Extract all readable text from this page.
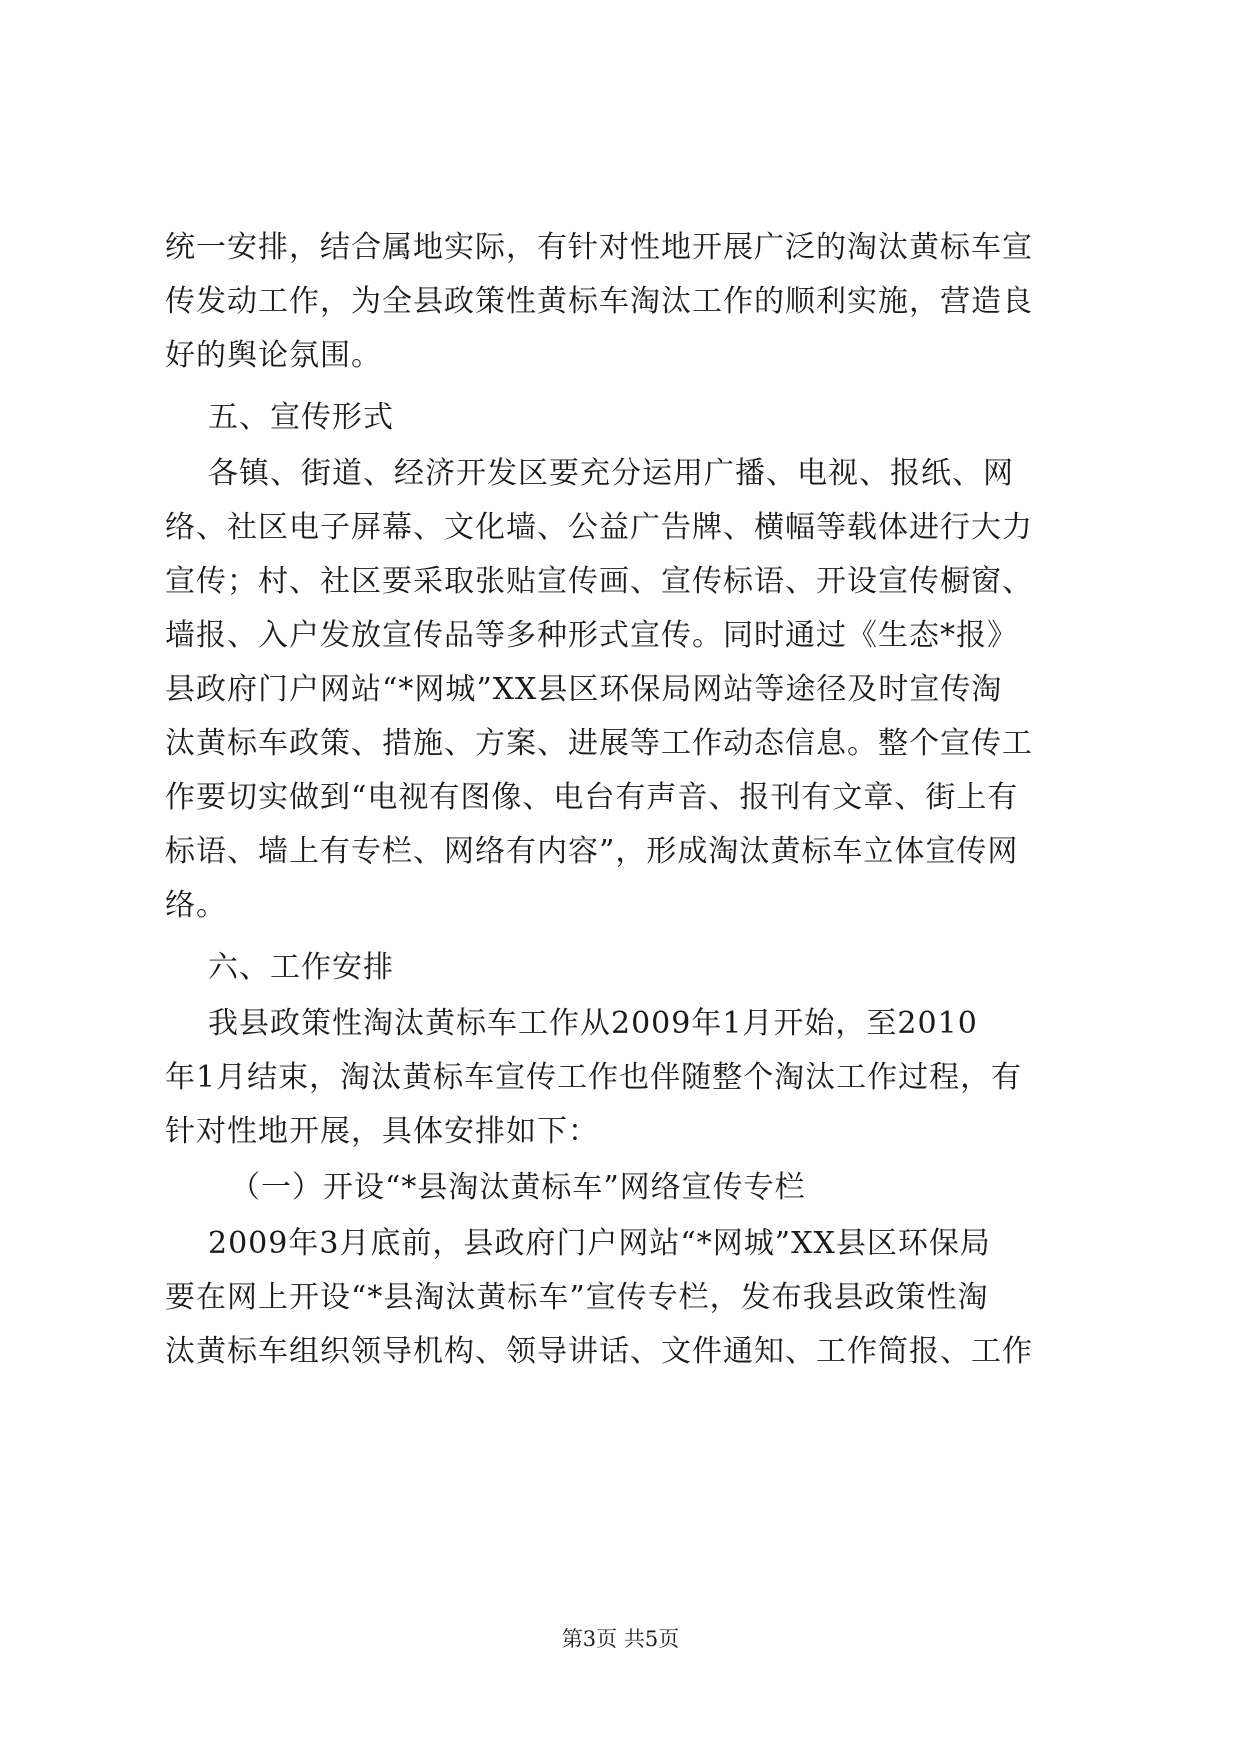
统一安排，结合属地实际，有针对性地开展广泛的淘汰黄标车宣
传发动工作，为全县政策性黄标车淘汰工作的顺利实施，营造良
好的舆论氛围。
五、宣传形式
各镇、街道、经济开发区要充分运用广播、电视、报纸、网
络、社区电子屏幕、文化墙、公益广告牌、横幅等载体进行大力
宣传；村、社区要采取张贴宣传画、宣传标语、开设宣传橱窗、
墙报、入户发放宣传品等多种形式宣传。同时通过《生态*报》
县政府门户网站“*网城”XX县区环保局网站等途径及时宣传淘
汰黄标车政策、措施、方案、进展等工作动态信息。整个宣传工
作要切实做到“电视有图像、电台有声音、报刊有文章、街上有
标语、墙上有专栏、网络有内容”，形成淘汰黄标车立体宣传网
络。
六、工作安排
我县政策性淘汰黄标车工作从2009年1月开始，至2010
年1月结束，淘汰黄标车宣传工作也伴随整个淘汰工作过程，有
针对性地开展，具体安排如下：
（一）开设“*县淘汰黄标车”网络宣传专栏
2009年3月底前，县政府门户网站“*网城”XX县区环保局
要在网上开设“*县淘汰黄标车”宣传专栏，发布我县政策性淘
汰黄标车组织领导机构、领导讲话、文件通知、工作简报、工作
第3页 共5页
